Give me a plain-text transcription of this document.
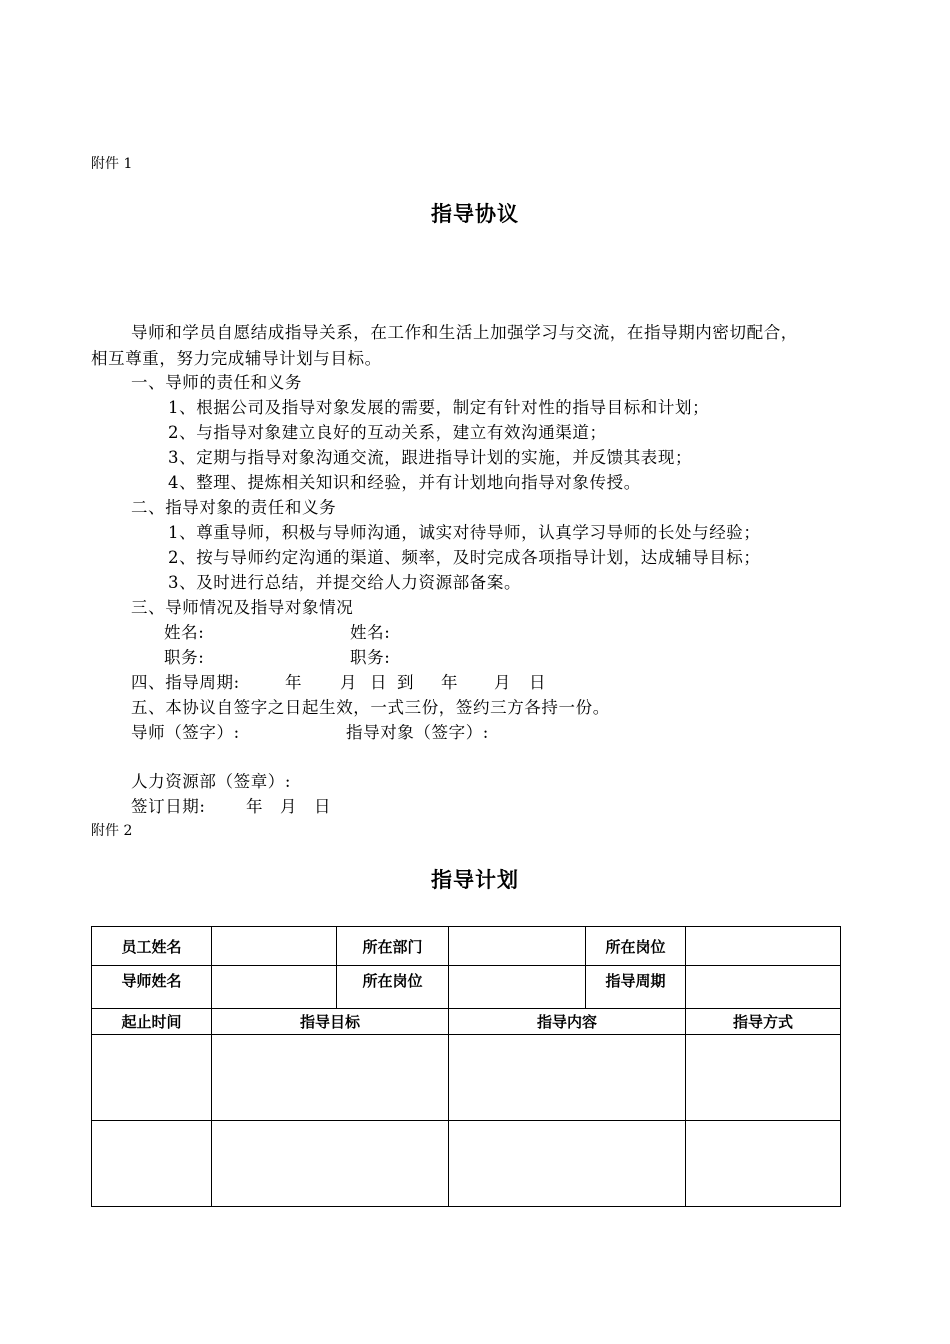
附件 1
指导协议
导师和学员自愿结成指导关系，在工作和生活上加强学习与交流，在指导期内密切配合，
相互尊重，努力完成辅导计划与目标。
一、导师的责任和义务
1、根据公司及指导对象发展的需要，制定有针对性的指导目标和计划；
2、与指导对象建立良好的互动关系，建立有效沟通渠道；
3、定期与指导对象沟通交流，跟进指导计划的实施，并反馈其表现；
4、整理、提炼相关知识和经验，并有计划地向指导对象传授。
二、指导对象的责任和义务
1、尊重导师，积极与导师沟通，诚实对待导师，认真学习导师的长处与经验；
2、按与导师约定沟通的渠道、频率，及时完成各项指导计划，达成辅导目标；
3、及时进行总结，并提交给人力资源部备案。
三、导师情况及指导对象情况
姓名:	姓名:
职务:	职务:
四、指导周期:	年 月 日 到 年 月 日
五、本协议自签字之日起生效，一式三份，签约三方各持一份。
导师（签字）:	指导对象（签字）:
人力资源部（签章）:
签订日期: 年 月 日
附件 2
指导计划
员工姓名		所在部门		所在岗位	
导师姓名		所在岗位		指导周期	
起止时间	指导目标		指导内容		指导方式
